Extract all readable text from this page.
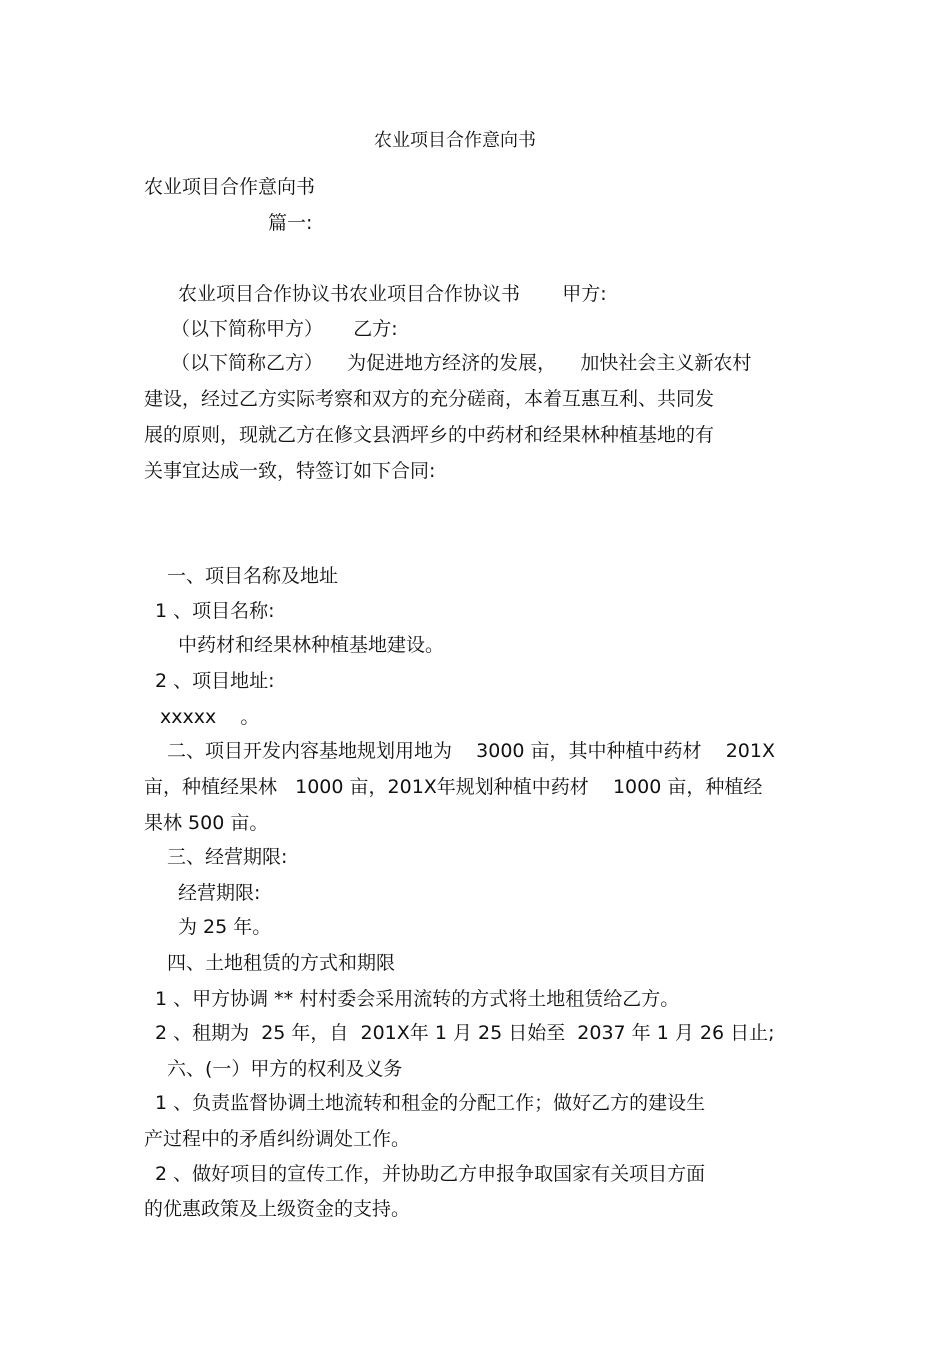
农业项目合作意向书
农业项目合作意向书
篇一:
农业项目合作协议书农业项目合作协议书       甲方:
（以下简称甲方）     乙方:
（以下简称乙方）    为促进地方经济的发展，    加快社会主义新农村
建设，经过乙方实际考察和双方的充分磋商，本着互惠互利、共同发
展的原则，现就乙方在修文县洒坪乡的中药材和经果林种植基地的有
关事宜达成一致，特签订如下合同:
一、项目名称及地址
1 、项目名称:
中药材和经果林种植基地建设。
2 、项目地址:
xxxxx    。
二、项目开发内容基地规划用地为    3000 亩，其中种植中药材    201X
亩，种植经果林   1000 亩，201X年规划种植中药材    1000 亩，种植经
果林 500 亩。
三、经营期限:
经营期限:
为 25 年。
四、土地租赁的方式和期限
1 、甲方协调 ** 村村委会采用流转的方式将土地租赁给乙方。
2 、租期为  25 年，自  201X年 1 月 25 日始至  2037 年 1 月 26 日止;
六、(一）甲方的权利及义务
1 、负责监督协调土地流转和租金的分配工作；做好乙方的建设生
产过程中的矛盾纠纷调处工作。
2 、做好项目的宣传工作，并协助乙方申报争取国家有关项目方面
的优惠政策及上级资金的支持。
